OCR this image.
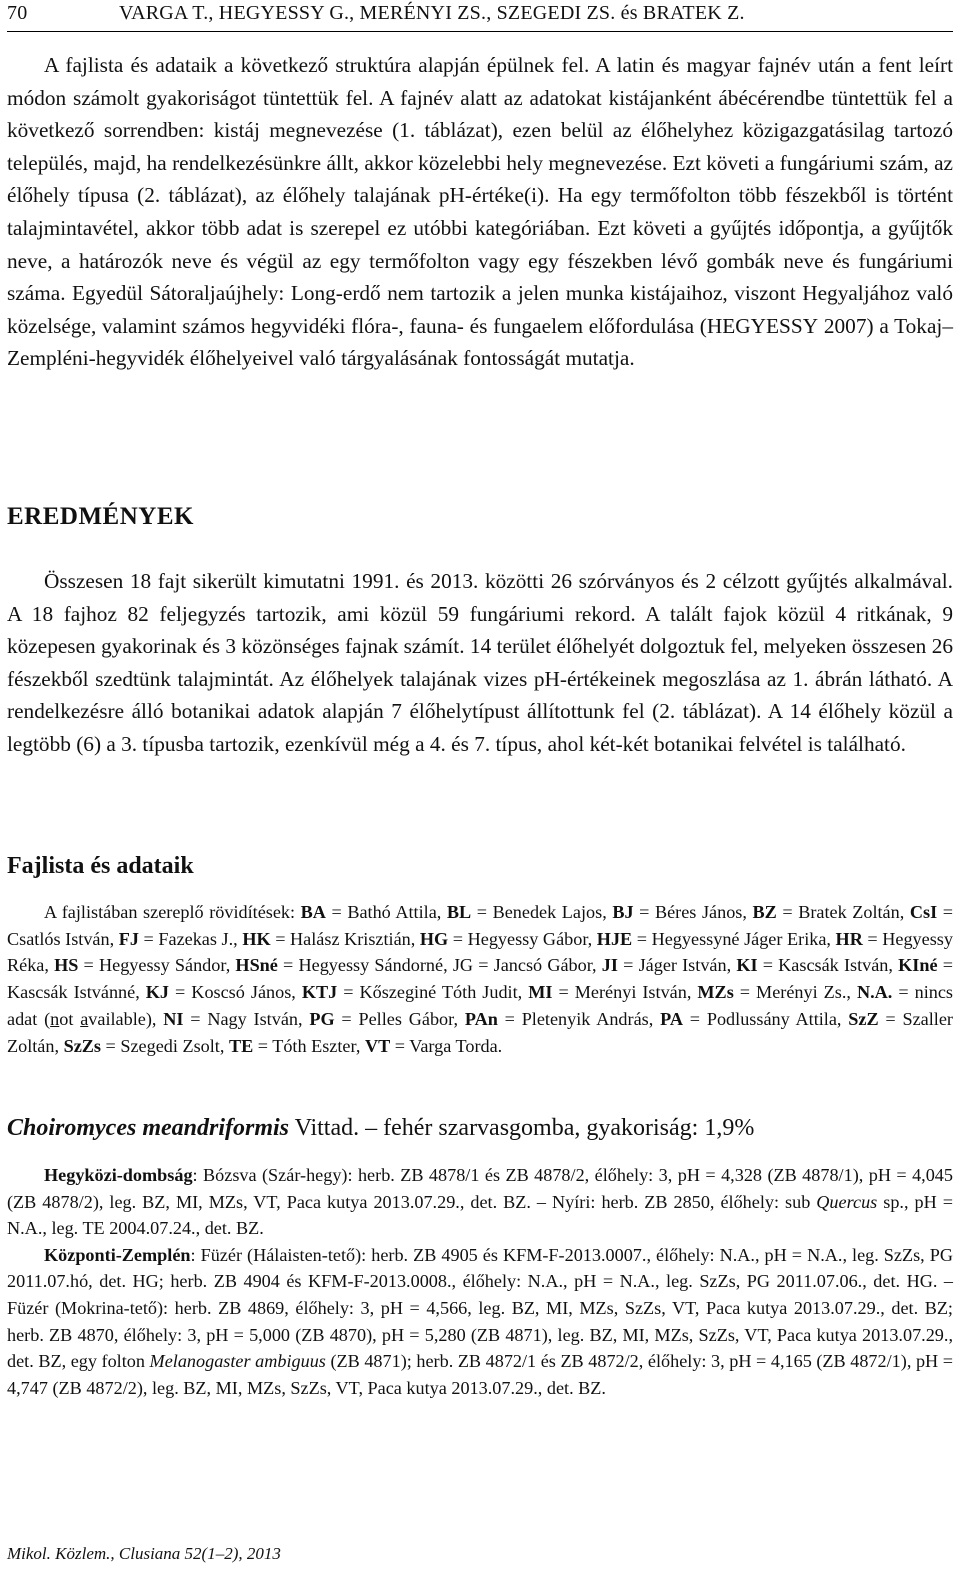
70	VARGA T., HEGYESSY G., MERÉNYI ZS., SZEGEDI ZS. és BRATEK Z.

A fajlista és adataik a következő struktúra alapján épülnek fel. A latin és magyar fajnév után a fent leírt módon számolt gyakoriságot tüntettük fel. A fajnév alatt az adatokat kistájanként ábécérendbe tüntettük fel a következő sorrendben: kistáj megnevezése (1. táblázat), ezen belül az élőhelyhez közigazgatásilag tartozó település, majd, ha rendelkezésünkre állt, akkor közelebbi hely megnevezése. Ezt követi a fungáriumi szám, az élőhely típusa (2. táblázat), az élőhely talajának pH-értéke(i). Ha egy termőfolton több fészekből is történt talajmintavétel, akkor több adat is szerepel ez utóbbi kategóriában. Ezt követi a gyűjtés időpontja, a gyűjtők neve, a határozók neve és végül az egy termőfolton vagy egy fészekben lévő gombák neve és fungáriumi száma. Egyedül Sátoraljaújhely: Long-erdő nem tartozik a jelen munka kistájaihoz, viszont Hegyaljához való közelsége, valamint számos hegyvidéki flóra-, fauna- és fungaelem előfordulása (HEGYESSY 2007) a Tokaj–Zempléni-hegyvidék élőhelyeivel való tárgyalásának fontosságát mutatja.

EREDMÉNYEK

Összesen 18 fajt sikerült kimutatni 1991. és 2013. közötti 26 szórványos és 2 célzott gyűjtés alkalmával. A 18 fajhoz 82 feljegyzés tartozik, ami közül 59 fungáriumi rekord. A talált fajok közül 4 ritkának, 9 közepesen gyakorinak és 3 közönséges fajnak számít. 14 terület élőhelyét dolgoztuk fel, melyeken összesen 26 fészekből szedtünk talajmintát. Az élőhelyek talajának vizes pH-értékeinek megoszlása az 1. ábrán látható. A rendelkezésre álló botanikai adatok alapján 7 élőhelytípust állítottunk fel (2. táblázat). A 14 élőhely közül a legtöbb (6) a 3. típusba tartozik, ezenkívül még a 4. és 7. típus, ahol két-két botanikai felvétel is található.

Fajlista és adataik

A fajlistában szereplő rövidítések: BA = Bathó Attila, BL = Benedek Lajos, BJ = Béres János, BZ = Bratek Zoltán, CsI = Csatlós István, FJ = Fazekas J., HK = Halász Krisztián, HG = Hegyessy Gábor, HJE = Hegyessyné Jáger Erika, HR = Hegyessy Réka, HS = Hegyessy Sándor, HSné = Hegyessy Sándorné, JG = Jancsó Gábor, JI = Jáger István, KI = Kascsák István, KIné = Kascsák Istvánné, KJ = Koscsó János, KTJ = Kőszeginé Tóth Judit, MI = Merényi István, MZs = Merényi Zs., N.A. = nincs adat (not available), NI = Nagy István, PG = Pelles Gábor, PAn = Pletenyik András, PA = Podlussány Attila, SzZ = Szaller Zoltán, SzZs = Szegedi Zsolt, TE = Tóth Eszter, VT = Varga Torda.

Choiromyces meandriformis Vittad. – fehér szarvasgomba, gyakoriság: 1,9%

Hegyközi-dombság: Bózsva (Szár-hegy): herb. ZB 4878/1 és ZB 4878/2, élőhely: 3, pH = 4,328 (ZB 4878/1), pH = 4,045 (ZB 4878/2), leg. BZ, MI, MZs, VT, Paca kutya 2013.07.29., det. BZ. – Nyíri: herb. ZB 2850, élőhely: sub Quercus sp., pH = N.A., leg. TE 2004.07.24., det. BZ.

Központi-Zemplén: Füzér (Hálaisten-tető): herb. ZB 4905 és KFM-F-2013.0007., élőhely: N.A., pH = N.A., leg. SzZs, PG 2011.07.hó, det. HG; herb. ZB 4904 és KFM-F-2013.0008., élőhely: N.A., pH = N.A., leg. SzZs, PG 2011.07.06., det. HG. – Füzér (Mokrina-tető): herb. ZB 4869, élőhely: 3, pH = 4,566, leg. BZ, MI, MZs, SzZs, VT, Paca kutya 2013.07.29., det. BZ; herb. ZB 4870, élőhely: 3, pH = 5,000 (ZB 4870), pH = 5,280 (ZB 4871), leg. BZ, MI, MZs, SzZs, VT, Paca kutya 2013.07.29., det. BZ, egy folton Melanogaster ambiguus (ZB 4871); herb. ZB 4872/1 és ZB 4872/2, élőhely: 3, pH = 4,165 (ZB 4872/1), pH = 4,747 (ZB 4872/2), leg. BZ, MI, MZs, SzZs, VT, Paca kutya 2013.07.29., det. BZ.

Mikol. Közlem., Clusiana 52(1–2), 2013
